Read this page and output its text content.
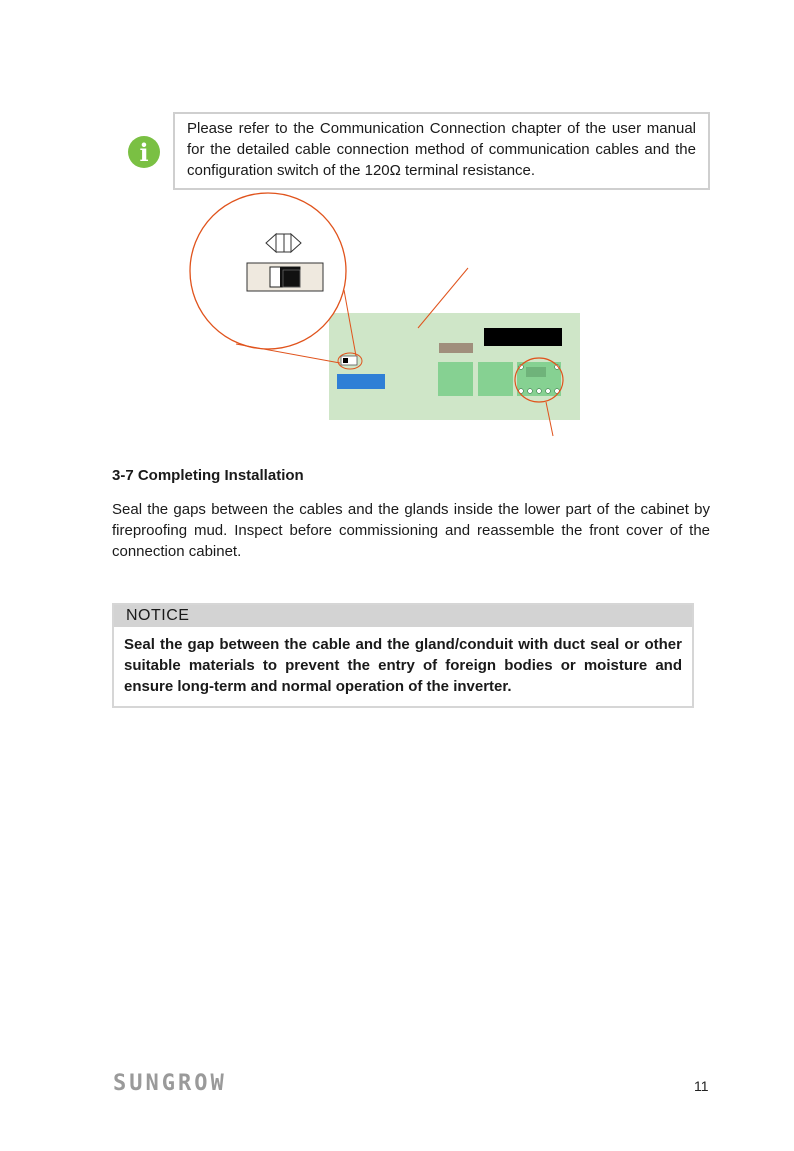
i
Please refer to the Communication Connection chapter of the user manual for the detailed cable connection method of communication cables and the configuration switch of the 120Ω terminal resistance.
3-7 Completing Installation
Seal the gaps between the cables and the glands inside the lower part of the cabinet by fireproofing mud. Inspect before commissioning and reassemble the front cover of the connection cabinet.
NOTICE
Seal the gap between the cable and the gland/conduit with duct seal or other suitable materials to prevent the entry of foreign bodies or moisture and ensure long-term and normal operation of the inverter.
SUNGROW	11
